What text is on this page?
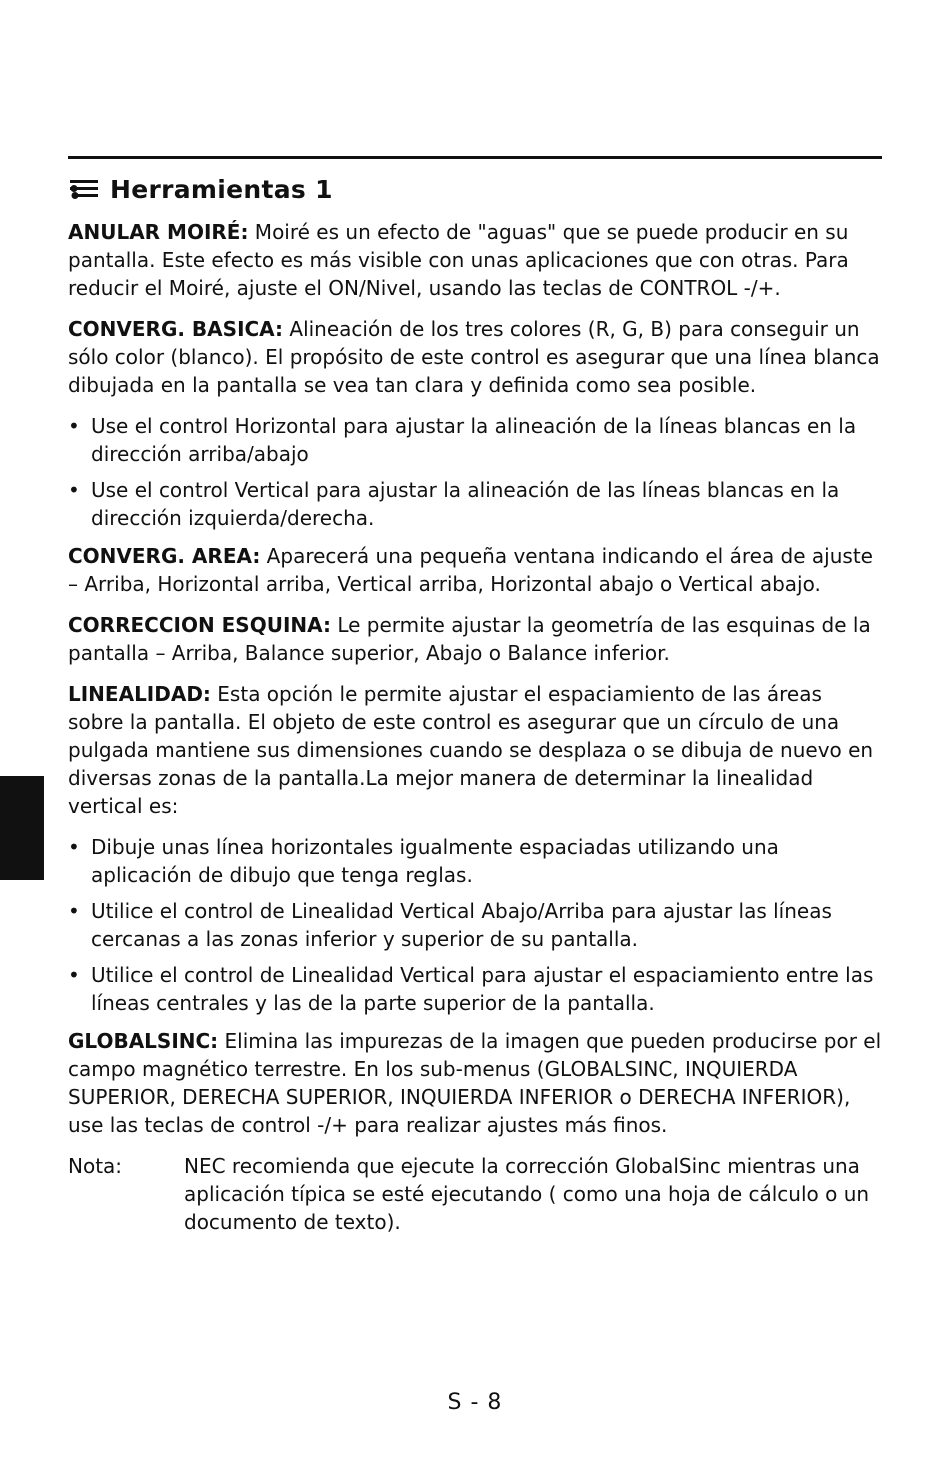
Herramientas 1

ANULAR MOIRÉ: Moiré es un efecto de "aguas" que se puede producir en su pantalla. Este efecto es más visible con unas aplicaciones que con otras. Para reducir el Moiré, ajuste el ON/Nivel, usando las teclas de CONTROL -/+.

CONVERG. BASICA: Alineación de los tres colores (R, G, B) para conseguir un sólo color (blanco). El propósito de este control es asegurar que una línea blanca dibujada en la pantalla se vea tan clara y definida como sea posible.

• Use el control Horizontal para ajustar la alineación de la líneas blancas en la dirección arriba/abajo
• Use el control Vertical para ajustar la alineación de las líneas blancas en la dirección izquierda/derecha.

CONVERG. AREA: Aparecerá una pequeña ventana indicando el área de ajuste – Arriba, Horizontal arriba, Vertical arriba, Horizontal abajo o Vertical abajo.

CORRECCION ESQUINA: Le permite ajustar la geometría de las esquinas de la pantalla – Arriba, Balance superior, Abajo o Balance inferior.

LINEALIDAD: Esta opción le permite ajustar el espaciamiento de las áreas sobre la pantalla. El objeto de este control es asegurar que un círculo de una pulgada mantiene sus dimensiones cuando se desplaza o se dibuja de nuevo en diversas zonas de la pantalla.La mejor manera de determinar la linealidad vertical es:

• Dibuje unas línea horizontales igualmente espaciadas utilizando una aplicación de dibujo que tenga reglas.
• Utilice el control de Linealidad Vertical Abajo/Arriba para ajustar las líneas cercanas a las zonas inferior y superior de su pantalla.
• Utilice el control de Linealidad Vertical para ajustar el espaciamiento entre las líneas centrales y las de la parte superior de la pantalla.

GLOBALSINC: Elimina las impurezas de la imagen que pueden producirse por el campo magnético terrestre. En los sub-menus (GLOBALSINC, INQUIERDA SUPERIOR, DERECHA SUPERIOR, INQUIERDA INFERIOR o DERECHA INFERIOR), use las teclas de control -/+ para realizar ajustes más finos.

Nota:	NEC recomienda que ejecute la corrección GlobalSinc mientras una aplicación típica se esté ejecutando ( como una hoja de cálculo o un documento de texto).
S - 8
